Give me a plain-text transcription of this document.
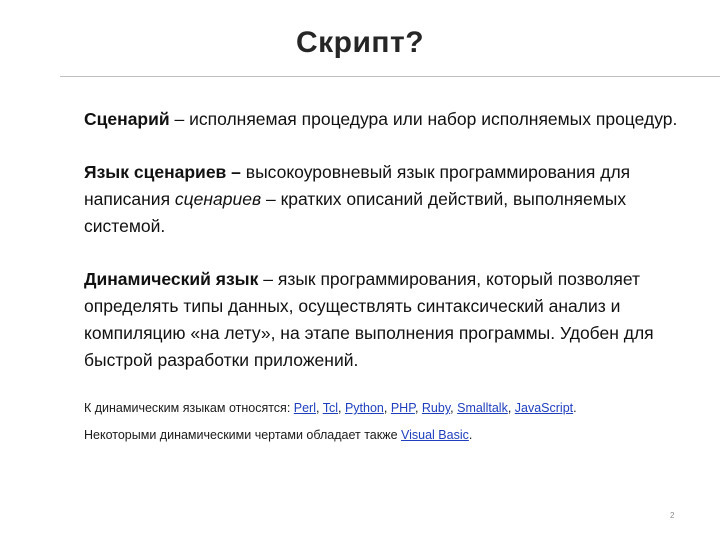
Скрипт?

Сценарий – исполняемая процедура или набор исполняемых процедур.

Язык сценариев – высокоуровневый язык программирования для написания сценариев – кратких описаний действий, выполняемых системой.

Динамический язык – язык программирования, который позволяет определять типы данных, осуществлять синтаксический анализ и компиляцию «на лету», на этапе выполнения программы. Удобен для быстрой разработки приложений.

К динамическим языкам относятся: Perl, Tcl, Python, PHP, Ruby, Smalltalk, JavaScript.

Некоторыми динамическими чертами обладает также Visual Basic.

2
